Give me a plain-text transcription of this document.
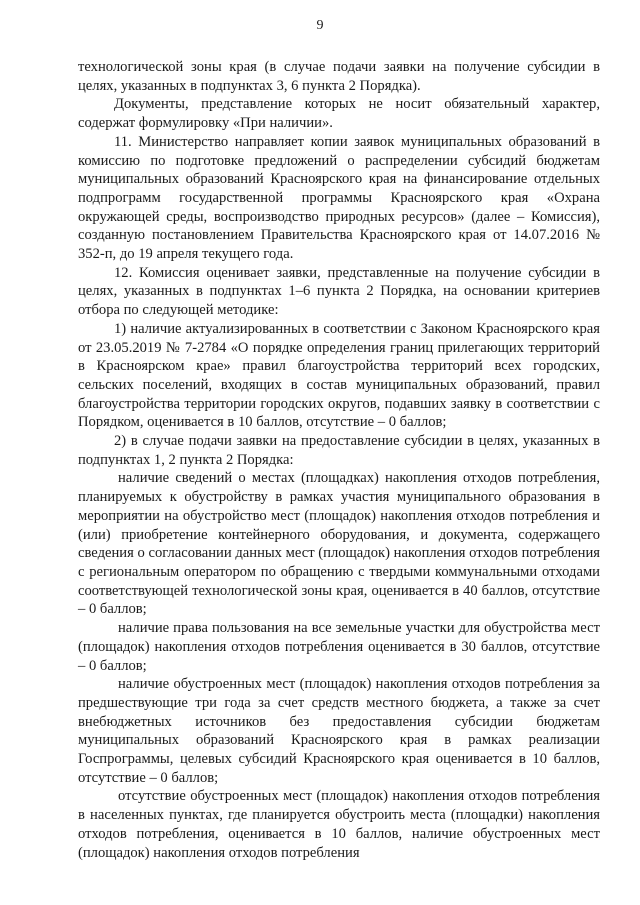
9

технологической зоны края (в случае подачи заявки на получение субсидии в целях, указанных в подпунктах 3, 6 пункта 2 Порядка).

Документы, представление которых не носит обязательный характер, содержат формулировку «При наличии».

11. Министерство направляет копии заявок муниципальных образований в комиссию по подготовке предложений о распределении субсидий бюджетам муниципальных образований Красноярского края на финансирование отдельных подпрограмм государственной программы Красноярского края «Охрана окружающей среды, воспроизводство природных ресурсов» (далее – Комиссия), созданную постановлением Правительства Красноярского края от 14.07.2016 № 352-п, до 19 апреля текущего года.

12. Комиссия оценивает заявки, представленные на получение субсидии в целях, указанных в подпунктах 1–6 пункта 2 Порядка, на основании критериев отбора по следующей методике:

1) наличие актуализированных в соответствии с Законом Красноярского края от 23.05.2019 № 7-2784 «О порядке определения границ прилегающих территорий в Красноярском крае» правил благоустройства территорий всех городских, сельских поселений, входящих в состав муниципальных образований, правил благоустройства территории городских округов, подавших заявку в соответствии с Порядком, оценивается в 10 баллов, отсутствие – 0 баллов;

2) в случае подачи заявки на предоставление субсидии в целях, указанных в подпунктах 1, 2 пункта 2 Порядка:

наличие сведений о местах (площадках) накопления отходов потребления, планируемых к обустройству в рамках участия муниципального образования в мероприятии на обустройство мест (площадок) накопления отходов потребления и (или) приобретение контейнерного оборудования, и документа, содержащего сведения о согласовании данных мест (площадок) накопления отходов потребления с региональным оператором по обращению с твердыми коммунальными отходами соответствующей технологической зоны края, оценивается в 40 баллов, отсутствие – 0 баллов;

наличие права пользования на все земельные участки для обустройства мест (площадок) накопления отходов потребления оценивается в 30 баллов, отсутствие – 0 баллов;

наличие обустроенных мест (площадок) накопления отходов потребления за предшествующие три года за счет средств местного бюджета, а также за счет внебюджетных источников без предоставления субсидии бюджетам муниципальных образований Красноярского края в рамках реализации Госпрограммы, целевых субсидий Красноярского края оценивается в 10 баллов, отсутствие – 0 баллов;

отсутствие обустроенных мест (площадок) накопления отходов потребления в населенных пунктах, где планируется обустроить места (площадки) накопления отходов потребления, оценивается в 10 баллов, наличие обустроенных мест (площадок) накопления отходов потребления
